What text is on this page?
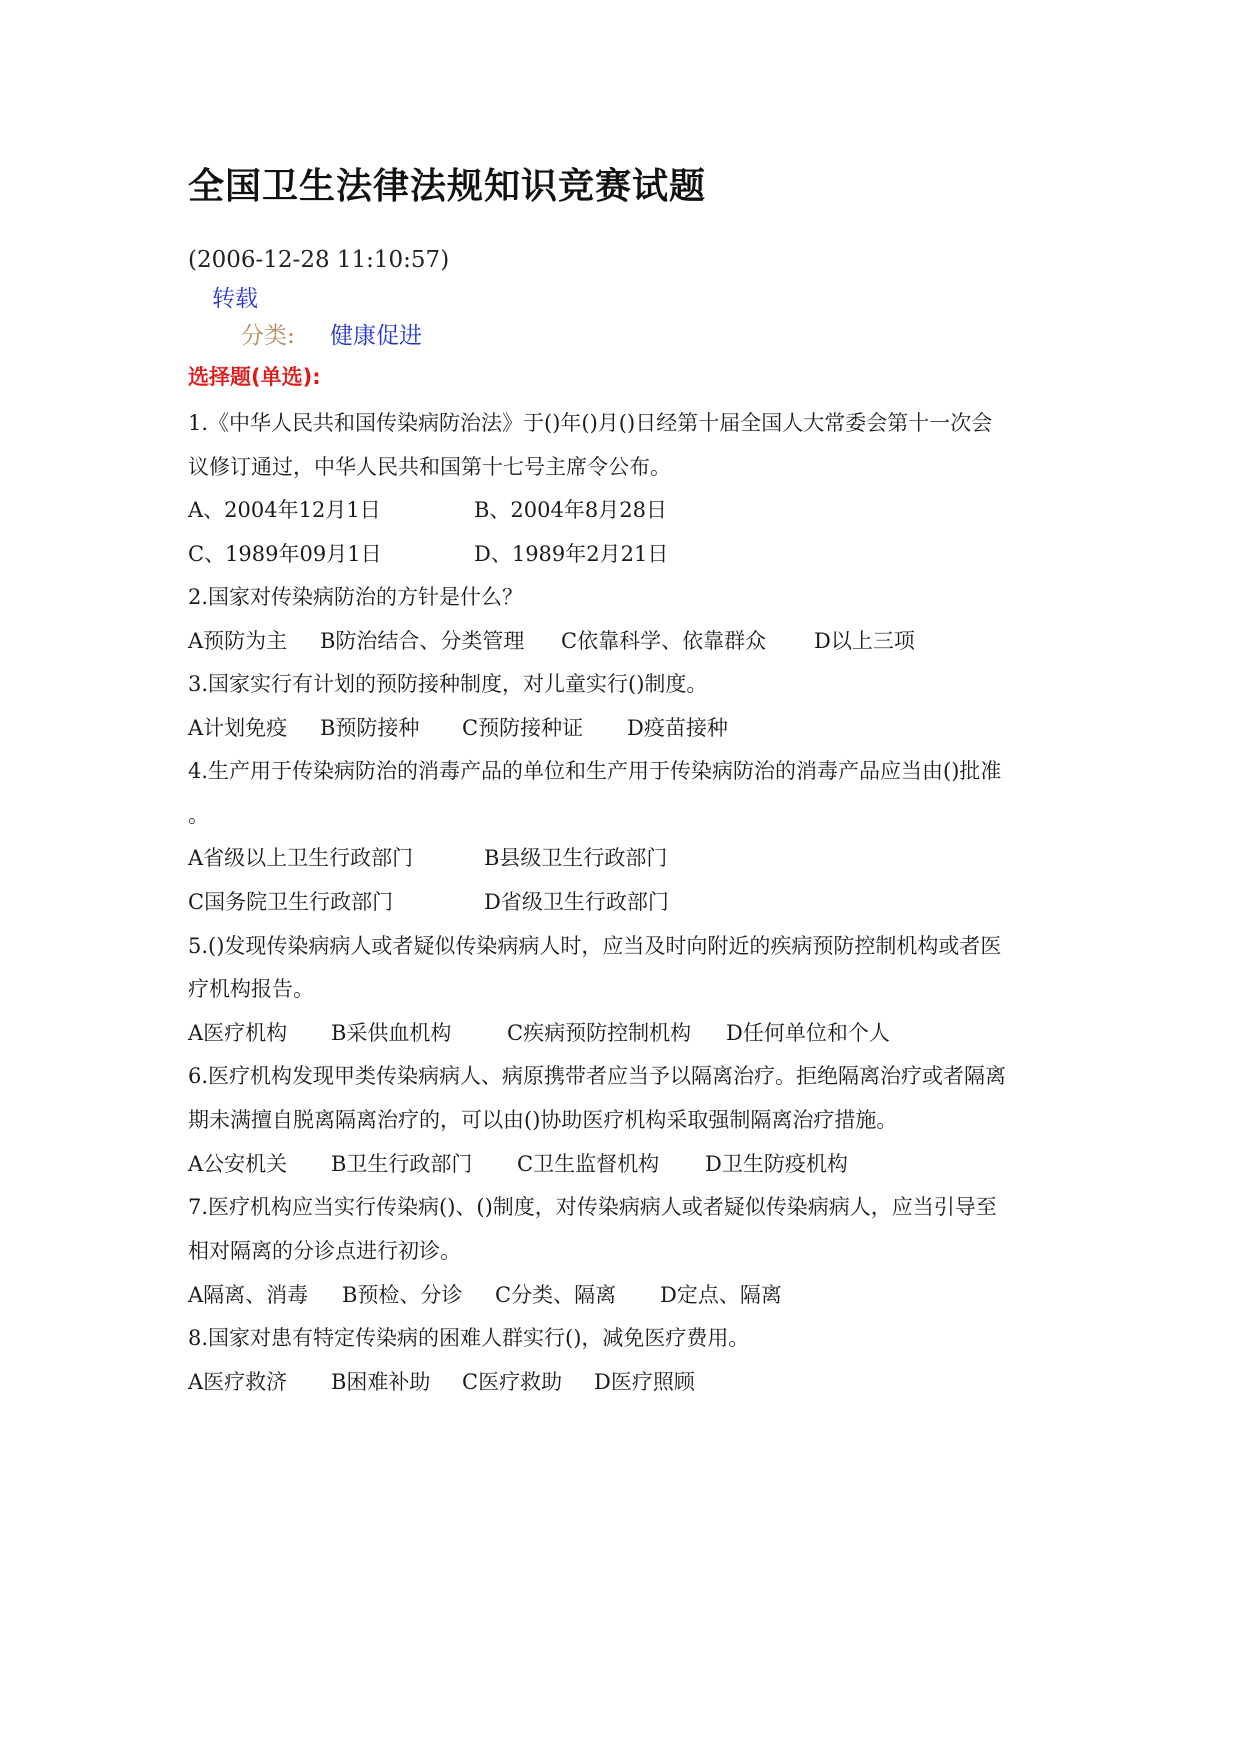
全国卫生法律法规知识竞赛试题
(2006-12-28 11:10:57)
转载
分类: 健康促进
选择题(单选):
1.《中华人民共和国传染病防治法》于()年()月()日经第十届全国人大常委会第十一次会
议修订通过，中华人民共和国第十七号主席令公布。
A、2004年12月1日	B、2004年8月28日
C、1989年09月1日	D、1989年2月21日
2.国家对传染病防治的方针是什么？
A预防为主 B防治结合、分类管理 C依靠科学、依靠群众 D以上三项
3.国家实行有计划的预防接种制度，对儿童实行()制度。
A计划免疫 B预防接种 C预防接种证 D疫苗接种
4.生产用于传染病防治的消毒产品的单位和生产用于传染病防治的消毒产品应当由()批准
。
A省级以上卫生行政部门	B县级卫生行政部门
C国务院卫生行政部门	D省级卫生行政部门
5.()发现传染病病人或者疑似传染病病人时，应当及时向附近的疾病预防控制机构或者医
疗机构报告。
A医疗机构 B采供血机构	C疾病预防控制机构 D任何单位和个人
6.医疗机构发现甲类传染病病人、病原携带者应当予以隔离治疗。拒绝隔离治疗或者隔离
期未满擅自脱离隔离治疗的，可以由()协助医疗机构采取强制隔离治疗措施。
A公安机关 B卫生行政部门 C卫生监督机构 D卫生防疫机构
7.医疗机构应当实行传染病()、()制度，对传染病病人或者疑似传染病病人，应当引导至
相对隔离的分诊点进行初诊。
A隔离、消毒 B预检、分诊 C分类、隔离 D定点、隔离
8.国家对患有特定传染病的困难人群实行()，减免医疗费用。
A医疗救济 B困难补助 C医疗救助 D医疗照顾
